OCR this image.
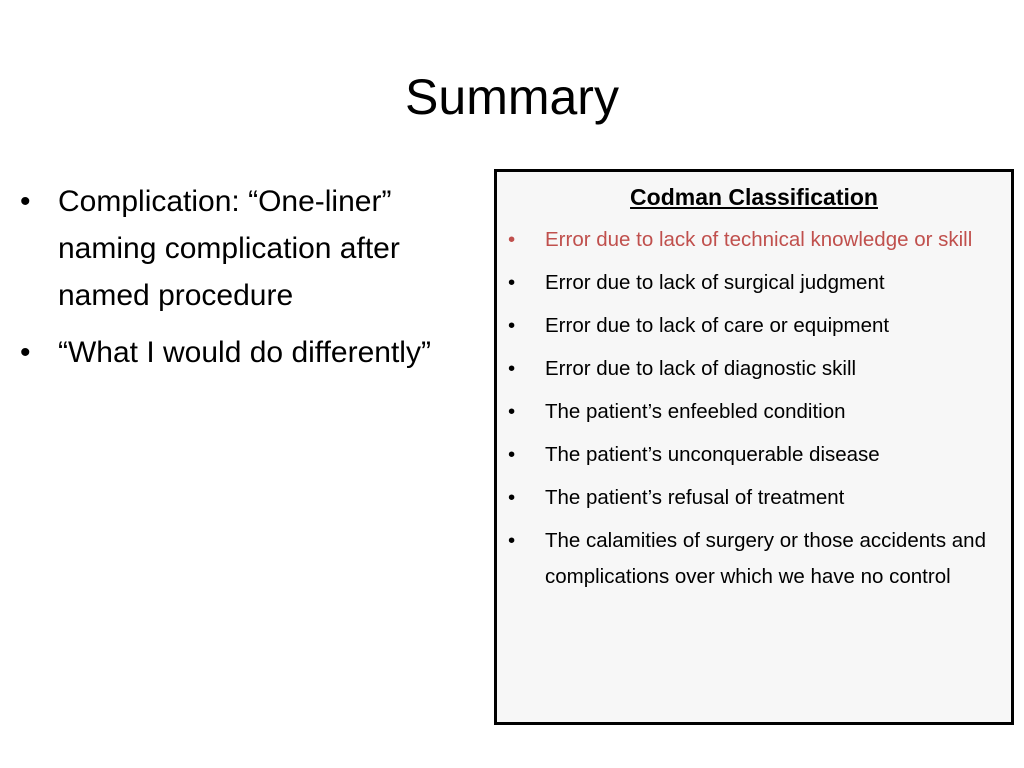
Summary
• Complication: “One-liner” naming complication after named procedure
• “What I would do differently”
Codman Classification
• Error due to lack of technical knowledge or skill
• Error due to lack of surgical judgment
• Error due to lack of care or equipment
• Error due to lack of diagnostic skill
• The patient’s enfeebled condition
• The patient’s unconquerable disease
• The patient’s refusal of treatment
• The calamities of surgery or those accidents and complications over which we have no control
